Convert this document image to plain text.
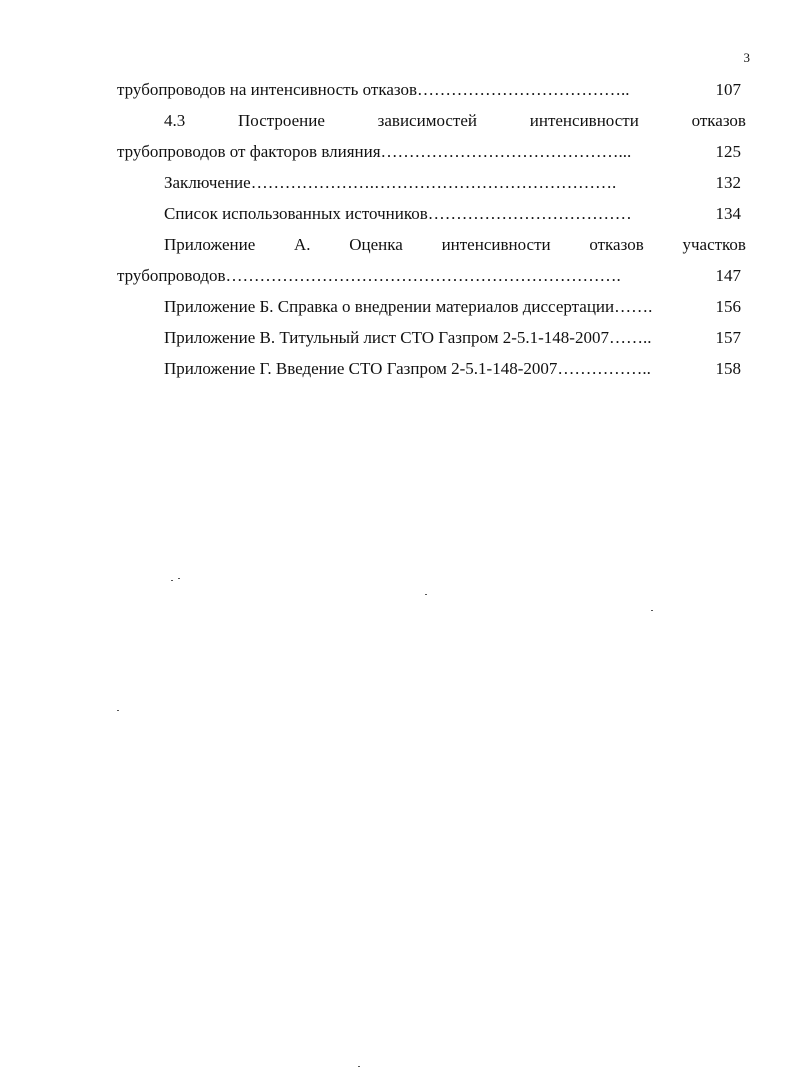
3
трубопроводов на интенсивность отказов………………………………..	107
4.3	Построение	зависимостей	интенсивности	отказов
трубопроводов от факторов влияния……………………………………...	125
Заключение………………….…………………………………….	132
Список использованных источников………………………………	134
Приложение А. Оценка интенсивности отказов участков
трубопроводов…………………………………………………………….	147
Приложение Б. Справка о внедрении материалов диссертации…….	156
Приложение В. Титульный лист СТО Газпром 2-5.1-148-2007……..	157
Приложение Г. Введение СТО Газпром 2-5.1-148-2007……………..	158
